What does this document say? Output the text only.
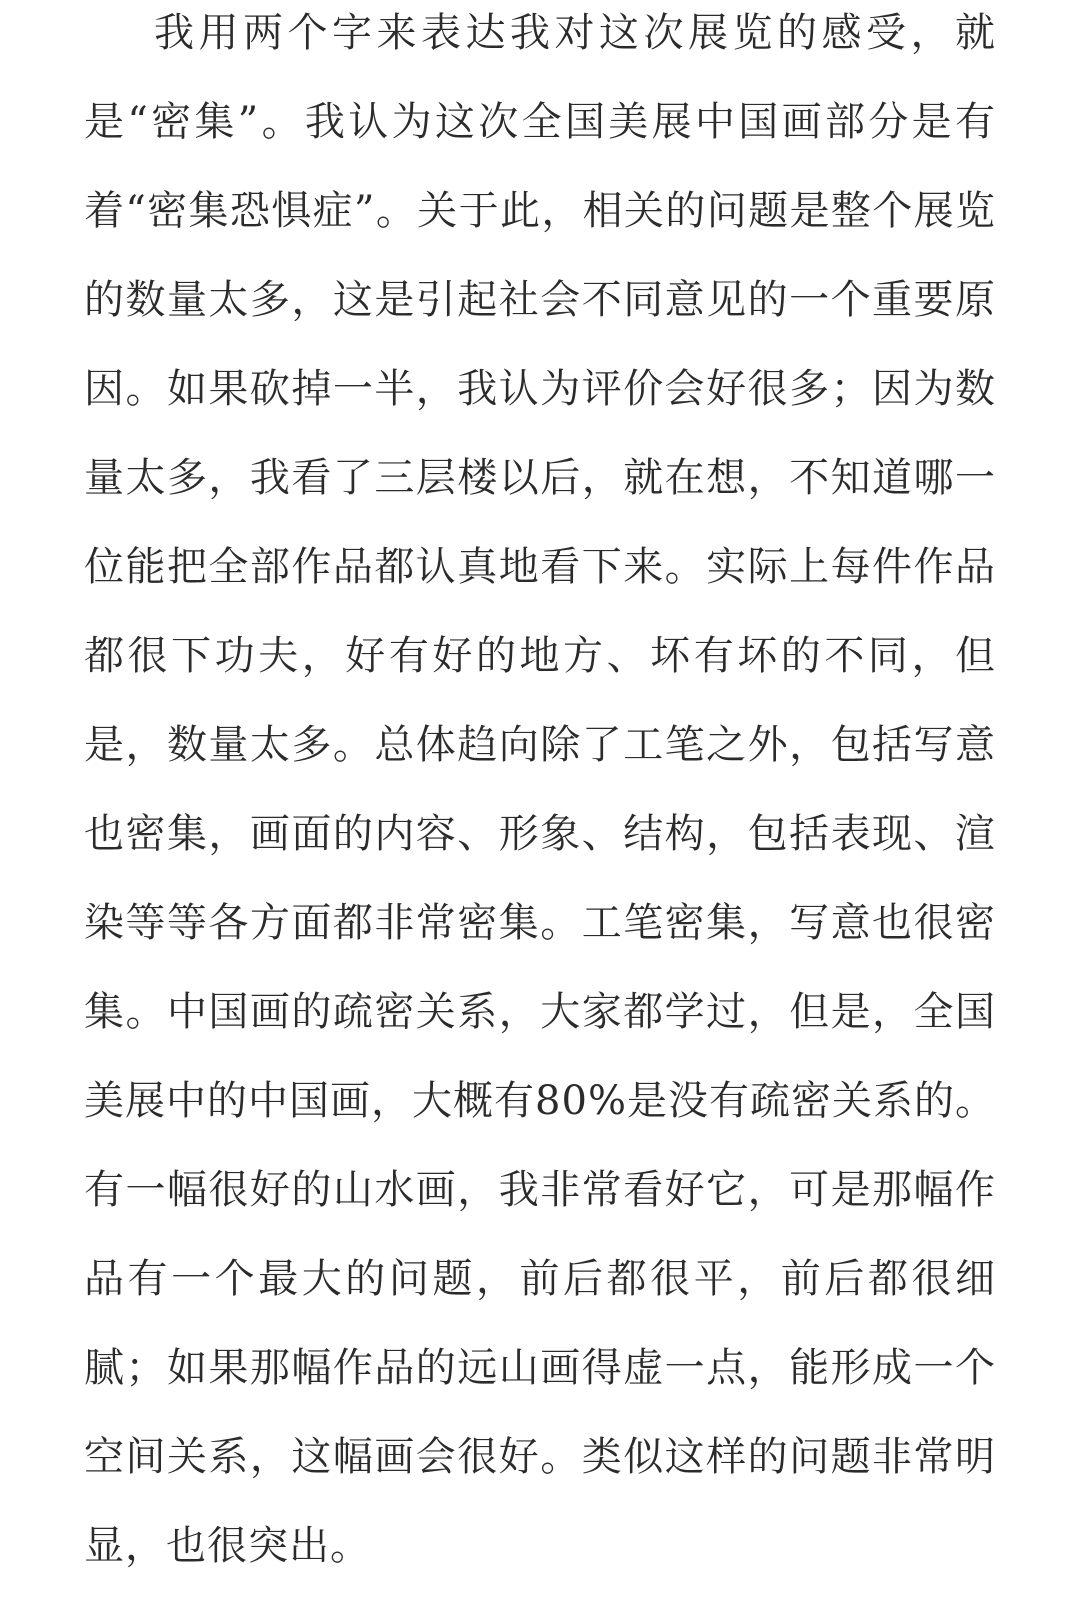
我用两个字来表达我对这次展览的感受，就
是“密集”。我认为这次全国美展中国画部分是有
着“密集恐惧症”。关于此，相关的问题是整个展览
的数量太多，这是引起社会不同意见的一个重要原
因。如果砍掉一半，我认为评价会好很多；因为数
量太多，我看了三层楼以后，就在想，不知道哪一
位能把全部作品都认真地看下来。实际上每件作品
都很下功夫，好有好的地方、坏有坏的不同，但
是，数量太多。总体趋向除了工笔之外，包括写意
也密集，画面的内容、形象、结构，包括表现、渲
染等等各方面都非常密集。工笔密集，写意也很密
集。中国画的疏密关系，大家都学过，但是，全国
美展中的中国画，大概有80%是没有疏密关系的。
有一幅很好的山水画，我非常看好它，可是那幅作
品有一个最大的问题，前后都很平，前后都很细
腻；如果那幅作品的远山画得虚一点，能形成一个
空间关系，这幅画会很好。类似这样的问题非常明
显，也很突出。
